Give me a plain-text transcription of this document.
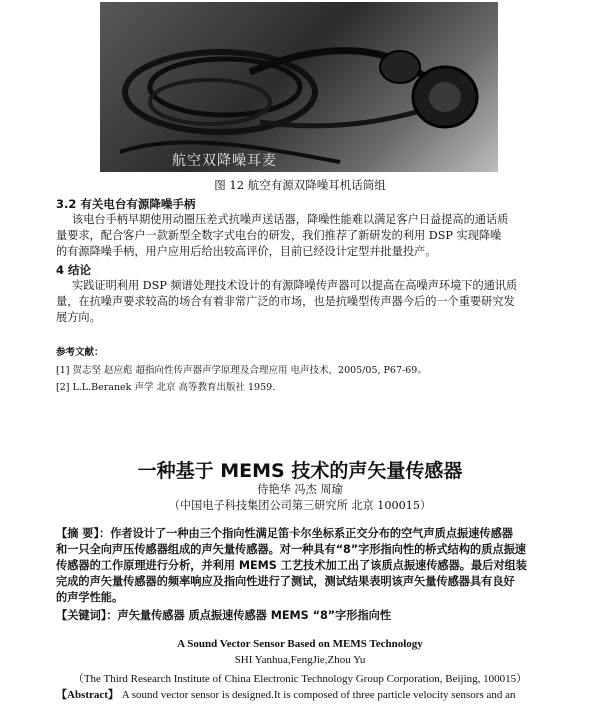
航空双降噪耳麦
图 12 航空有源双降噪耳机话筒组
3.2 有关电台有源降噪手柄
该电台手柄早期使用动圈压差式抗噪声送话器，降噪性能难以满足客户日益提高的通话质
量要求，配合客户一款新型全数字式电台的研发，我们推荐了新研发的利用 DSP 实现降噪
的有源降噪手柄，用户应用后给出较高评价，目前已经设计定型并批量投产。
4 结论
实践证明利用 DSP 频谱处理技术设计的有源降噪传声器可以提高在高噪声环境下的通讯质
量，在抗噪声要求较高的场合有着非常广泛的市场，也是抗噪型传声器今后的一个重要研究发
展方向。
参考文献：
[1] 贺志坚 赵应彪 超指向性传声器声学原理及合理应用 电声技术，2005/05, P67-69。
[2] L.L.Beranek 声学 北京 高等教育出版社 1959.
一种基于 MEMS 技术的声矢量传感器
侍艳华 冯杰 周瑜
（中国电子科技集团公司第三研究所 北京 100015）
【摘 要】：作者设计了一种由三个指向性满足笛卡尔坐标系正交分布的空气声质点振速传感器
和一只全向声压传感器组成的声矢量传感器。对一种具有“8”字形指向性的桥式结构的质点振速
传感器的工作原理进行分析，并利用 MEMS 工艺技术加工出了该质点振速传感器。最后对组装
完成的声矢量传感器的频率响应及指向性进行了测试，测试结果表明该声矢量传感器具有良好
的声学性能。
【关键词】：声矢量传感器 质点振速传感器 MEMS “8”字形指向性
A Sound Vector Sensor Based on MEMS Technology
SHI Yanhua,FengJie,Zhou Yu
（The Third Research Institute of China Electronic Technology Group Corporation, Beijing, 100015）
【Abstract】 A sound vector sensor is designed.It is composed of three particle velocity sensors and an
